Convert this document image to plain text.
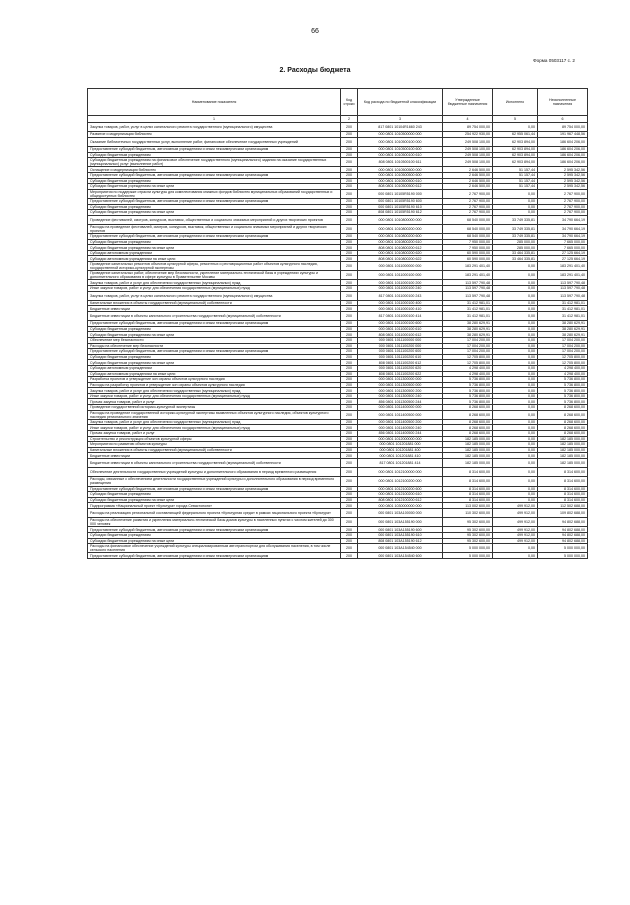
66
Форма 0503117 с. 2
2. Расходы бюджета
Наименование показателя	Код строки	Код расхода по бюджетной классификации	Утвержденные бюджетные назначения	Исполнено	Неисполненные назначения
1	2	3	4	5	6
Закупка товаров, работ, услуг в целях капитального ремонта государственного (муниципального) имущества	200	817 0801 10104R1660 243	89 754 000,00	0,00	89 754 000,00
Развитие и модернизация библиотек	200	000 0801 1010500000 000	254 922 930,00	62 955 061,44	191 967 448,56
Оказание библиотечных государственных услуг, выполнение работ, финансовое обеспечение государственных учреждений	200	000 0801 1010500100 000	249 508 100,00	62 903 894,00	186 604 206,00
Предоставление субсидий бюджетным, автономным учреждениям и иным некоммерческим организациям	200	000 0801 1010500100 600	249 508 100,00	62 903 894,00	186 604 206,00
Субсидии бюджетным учреждениям	200	000 0801 1010500100 610	249 508 100,00	62 903 894,00	186 604 206,00
Субсидии бюджетным учреждениям на финансовое обеспечение государственного (муниципального) задания на оказание государственных (муниципальных) услуг (выполнение работ)	200	808 0801 1010500100 611	249 508 100,00	62 903 894,00	186 604 206,00
Оснащение и модернизация библиотек	200	000 0801 1010500500 000	2 646 500,00	51 157,44	2 595 342,56
Предоставление субсидий бюджетным, автономным учреждениям и иным некоммерческим организациям	200	000 0801 1010500500 600	2 646 500,00	51 157,44	2 595 342,56
Субсидии бюджетным учреждениям	200	000 0801 1010500500 610	2 646 500,00	51 157,44	2 595 342,56
Субсидии бюджетным учреждениям на иные цели	200	808 0801 1010500500 612	2 646 500,00	51 157,44	2 595 342,56
Мероприятия по поддержке отрасли культуры для комплектования книжных фондов библиотек муниципальных образований государственных и общедоступных библиотек	200	000 0801 10105R5190 000	2 767 900,00	0,00	2 767 900,00
Предоставление субсидий бюджетным, автономным учреждениям и иным некоммерческим организациям	200	000 0801 10105R5190 600	2 767 900,00	0,00	2 767 900,00
Субсидии бюджетным учреждениям	200	000 0801 10105R5190 610	2 767 900,00	0,00	2 767 900,00
Субсидии бюджетным учреждениям на иные цели	200	808 0801 10105R5190 612	2 767 900,00	0,00	2 767 900,00
Проведение фестивалей, смотров, конкурсов, выставок, общественных и социально значимых мероприятий и других творческих проектов	200	000 0801 1010800000 000	68 540 000,00	33 749 335,81	34 790 664,19
Расходы на проведение фестивалей, смотров, конкурсов, выставок, общественных и социально значимых мероприятий и других творческих проектов	200	000 0801 1010800200 000	68 540 000,00	33 749 335,81	34 790 664,19
Предоставление субсидий бюджетным, автономным учреждениям и иным некоммерческим организациям	200	000 0801 1010800200 600	68 540 000,00	33 749 335,81	34 790 664,19
Субсидии бюджетным учреждениям	200	000 0801 1010800200 610	7 950 000,00	285 000,00	7 665 000,00
Субсидии бюджетным учреждениям на иные цели	200	808 0801 1010800200 612	7 950 000,00	285 000,00	7 665 000,00
Субсидии автономным учреждениям	200	000 0801 1010800200 620	60 590 000,00	33 464 335,81	27 125 664,19
Субсидии автономным учреждениям на иные цели	200	808 0801 1010800200 622	60 590 000,00	33 464 335,81	27 125 664,19
Проведение капитальных ремонтов объектов культурной сферы, ремонтных и реставрационных работ объектов культурного наследия, государственной историко-культурной экспертизы	200	000 0801 1011000000 000	183 291 401,40	0,00	183 291 401,40
Проведение капитальных работ, обеспечение мер безопасности, укрепление материально-технической базы в учреждениях культуры и дополнительного образования в сфере культуры в Правительстве Москвы	200	000 0801 1011000100 000	183 291 401,40	0,00	183 291 401,40
Закупка товаров, работ и услуг для обеспечения государственных (муниципальных) нужд	200	000 0801 1011000100 200	113 597 790,48	0,00	113 597 790,48
Иные закупки товаров, работ и услуг для обеспечения государственных (муниципальных) нужд	200	000 0801 1011000100 240	113 597 790,48	0,00	113 597 790,48
Закупка товаров, работ, услуг в целях капитального ремонта государственного (муниципального) имущества	200	817 0801 1011000100 243	113 597 790,48	0,00	113 597 790,48
Капитальные вложения в объекты государственной (муниципальной) собственности	200	000 0801 1011000100 400	31 412 981,01	0,00	31 412 981,01
Бюджетные инвестиции	200	000 0801 1011000100 410	31 412 981,01	0,00	31 412 981,01
Бюджетные инвестиции в объекты капитального строительства государственной (муниципальной) собственности	200	817 0801 1011000100 414	31 412 981,01	0,00	31 412 981,01
Предоставление субсидий бюджетным, автономным учреждениям и иным некоммерческим организациям	200	000 0801 1011000100 600	38 280 629,91	0,00	38 280 629,91
Субсидии бюджетным учреждениям	200	000 0801 1011000100 610	38 280 629,91	0,00	38 280 629,91
Субсидии бюджетным учреждениям на иные цели	200	808 0801 1011000100 612	38 280 629,91	0,00	38 280 629,91
Обеспечение мер безопасности	200	000 0801 1011100000 000	17 004 200,00	0,00	17 004 200,00
Расходы на обеспечение мер безопасности	200	000 0801 1011100200 000	17 004 200,00	0,00	17 004 200,00
Предоставление субсидий бюджетным, автономным учреждениям и иным некоммерческим организациям	200	000 0801 1011100200 600	17 004 200,00	0,00	17 004 200,00
Субсидии бюджетным учреждениям	200	000 0801 1011100200 610	12 705 800,00	0,00	12 705 800,00
Субсидии бюджетным учреждениям на иные цели	200	808 0801 1011100200 612	12 705 800,00	0,00	12 705 800,00
Субсидии автономным учреждениям	200	000 0801 1011100200 620	4 298 400,00	0,00	4 298 400,00
Субсидии автономным учреждениям на иные цели	200	808 0801 1011100200 622	4 298 400,00	0,00	4 298 400,00
Разработка проектов и утверждение зон охраны объектов культурного наследия	200	000 0801 1011300000 000	5 736 800,00	0,00	5 736 800,00
Расходы на разработку проектов и утверждение зон охраны объектов культурного наследия	200	000 0801 1011300500 000	5 736 800,00	0,00	5 736 800,00
Закупка товаров, работ и услуг для обеспечения государственных (муниципальных) нужд	200	000 0801 1011300500 200	5 736 800,00	0,00	5 736 800,00
Иные закупки товаров, работ и услуг для обеспечения государственных (муниципальных) нужд	200	000 0801 1011300500 240	5 736 800,00	0,00	5 736 800,00
Прочая закупка товаров, работ и услуг	200	856 0801 1011300500 244	5 736 800,00	0,00	5 736 800,00
Проведение государственной историко-культурной экспертизы	200	000 0801 1011400000 000	8 268 600,00	0,00	8 268 600,00
Расходы на проведение государственной историко-культурной экспертизы выявленных объектов культурного наследия, объектов культурного наследия регионального значения	200	000 0801 1011400500 000	8 268 600,00	0,00	8 268 600,00
Закупка товаров, работ и услуг для обеспечения государственных (муниципальных) нужд	200	000 0801 1011400500 200	8 268 600,00	0,00	8 268 600,00
Иные закупки товаров, работ и услуг для обеспечения государственных (муниципальных) нужд	200	000 0801 1011400500 240	8 268 600,00	0,00	8 268 600,00
Прочая закупка товаров, работ и услуг	200	856 0801 1011400500 244	8 268 600,00	0,00	8 268 600,00
Строительство и реконструкция объектов культурной сферы	200	000 0801 1012000000 000	182 185 000,00	0,00	182 185 000,00
Мероприятия по развитию объектов культуры	200	000 0801 101201881 000	182 185 000,00	0,00	182 185 000,00
Капитальные вложения в объекты государственной (муниципальной) собственности	200	000 0801 101201881 400	182 185 000,00	0,00	182 185 000,00
Бюджетные инвестиции	200	000 0801 101201881 410	182 185 000,00	0,00	182 185 000,00
Бюджетные инвестиции в объекты капитального строительства государственной (муниципальной) собственности	200	817 0801 101201881 414	182 185 000,00	0,00	182 185 000,00
Обеспечение деятельности государственных учреждений культуры и дополнительного образования в период временного размещения	200	000 0801 1012100000 000	8 314 600,00	0,00	8 314 600,00
Расходы, связанные с обеспечением деятельности государственных учреждений культуры и дополнительного образования в период временного размещения	200	000 0801 1012100200 000	8 314 600,00	0,00	8 314 600,00
Предоставление субсидий бюджетным, автономным учреждениям и иным некоммерческим организациям	200	000 0801 1012100200 600	8 314 600,00	0,00	8 314 600,00
Субсидии бюджетным учреждениям	200	000 0801 1012100200 610	8 314 600,00	0,00	8 314 600,00
Субсидии бюджетным учреждениям на иные цели	200	808 0801 1012100200 612	8 314 600,00	0,00	8 314 600,00
Подпрограмма «Национальный проект «Культура» города Севастополя»	200	000 0801 1030000000 000	113 002 600,00	499 912,00	112 502 688,00
Расходы на реализацию региональной составляющей федерального проекта «Культурная среда» в рамках национального проекта «Культура»	200	000 0801 103A100000 000	110 302 600,00	499 912,00	109 802 688,00
Расходы на обеспечение развития и укрепления материально-технической базы домов культуры в населенных пунктах с числом жителей до 300 000 человек	200	000 0801 103A155190 000	95 302 600,00	499 912,00	94 802 688,00
Предоставление субсидий бюджетным, автономным учреждениям и иным некоммерческим организациям	200	000 0801 103A155190 600	95 302 600,00	499 912,00	94 802 688,00
Субсидии бюджетным учреждениям	200	000 0801 103A155190 610	95 302 600,00	499 912,00	94 802 688,00
Субсидии бюджетным учреждениям на иные цели	200	808 0801 103A155190 612	95 302 600,00	499 912,00	94 802 688,00
Расходы на финансовое обеспечение учреждений культуры специализированным автотранспортом для обслуживания населения, в том числе сельского населения	200	000 0801 103A154540 000	5 000 000,00	0,00	5 000 000,00
Предоставление субсидий бюджетным, автономным учреждениям и иным некоммерческим организациям	200	000 0801 103A154540 600	5 000 000,00	0,00	5 000 000,00
